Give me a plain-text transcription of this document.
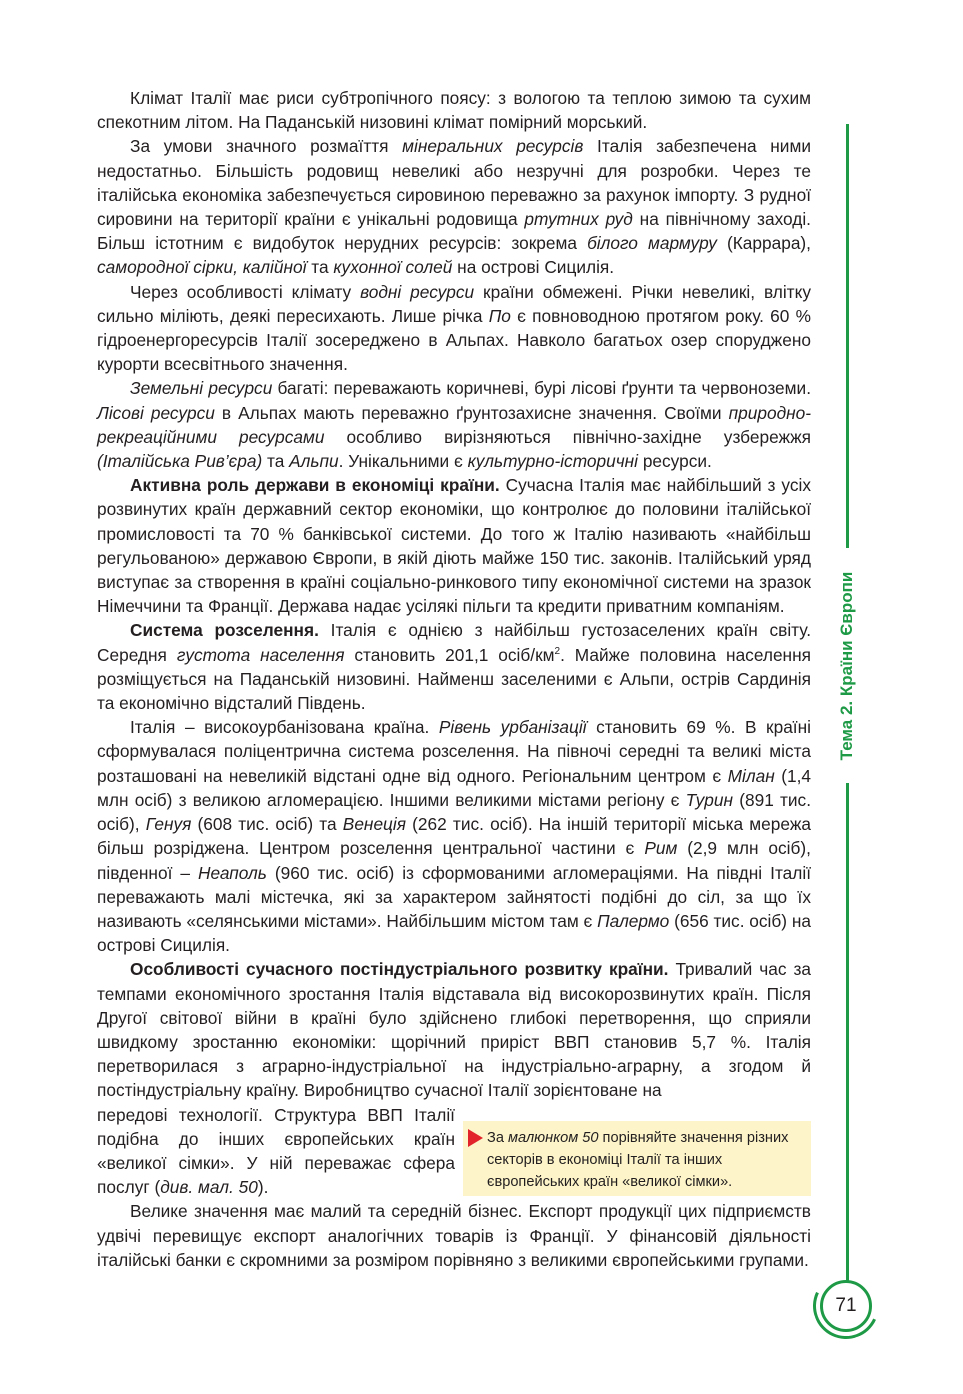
Клімат Італії має риси субтропічного поясу: з вологою та теплою зимою та сухим спекотним літом. На Паданській низовині клімат помірний морський.

За умови значного розмаїття мінеральних ресурсів Італія забезпечена ними недостатньо. Більшість родовищ невеликі або незручні для розробки. Через те італійська економіка забезпечується сировиною переважно за рахунок імпорту. З рудної сировини на території країни є унікальні родовища ртутних руд на північному заході. Більш істотним є видобуток нерудних ресурсів: зокрема білого мармуру (Каррара), самородної сірки, калійної та кухонної солей на острові Сицилія.

Через особливості клімату водні ресурси країни обмежені. Річки невеликі, влітку сильно міліють, деякі пересихають. Лише річка По є повноводною протягом року. 60 % гідроенергоресурсів Італії зосереджено в Альпах. Навколо багатьох озер споруджено курорти всесвітнього значення.

Земельні ресурси багаті: переважають коричневі, бурі лісові ґрунти та червоноземи. Лісові ресурси в Альпах мають переважно ґрунтозахисне значення. Своїми природно-рекреаційними ресурсами особливо вирізняються північно-західне узбережжя (Італійська Рив’єра) та Альпи. Унікальними є культурно-історичні ресурси.

Активна роль держави в економіці країни. Сучасна Італія має найбільший з усіх розвинутих країн державний сектор економіки, що контролює до половини італійської промисловості та 70 % банківської системи. До того ж Італію називають «найбільш регульованою» державою Європи, в якій діють майже 150 тис. законів. Італійський уряд виступає за створення в країні соціально-ринкового типу економічної системи на зразок Німеччини та Франції. Держава надає усілякі пільги та кредити приватним компаніям.

Система розселення. Італія є однією з найбільш густозаселених країн світу. Середня густота населення становить 201,1 осіб/$км^2$. Майже половина населення розміщується на Паданській низовині. Найменш заселеними є Альпи, острів Сардинія та економічно відсталий Південь.

Італія – високоурбанізована країна. Рівень урбанізації становить 69 %. В країні сформувалася поліцентрична система розселення. На півночі середні та великі міста розташовані на невеликій відстані одне від одного. Регіональним центром є Мілан (1,4 млн осіб) з великою агломерацією. Іншими великими містами регіону є Турин (891 тис. осіб), Генуя (608 тис. осіб) та Венеція (262 тис. осіб). На іншій території міська мережа більш розріджена. Центром розселення центральної частини є Рим (2,9 млн осіб), південної – Неаполь (960 тис. осіб) із сформованими агломераціями. На півдні Італії переважають малі містечка, які за характером зайнятості подібні до сіл, за що їх називають «селянськими містами». Найбільшим містом там є Палермо (656 тис. осіб) на острові Сицилія.

Особливості сучасного постіндустріального розвитку країни. Тривалий час за темпами економічного зростання Італія відставала від високорозвинутих країн. Після Другої світової війни в країні було здійснено глибокі перетворення, що сприяли швидкому зростанню економіки: щорічний приріст ВВП становив 5,7 %. Італія перетворилася з аграрно-індустріальної на індустріально-аграрну, а згодом й постіндустріальну країну. Виробництво сучасної Італії зорієнтоване на

передові технології. Структура ВВП Італії подібна до інших європейських країн «великої сімки». У ній переважає сфера послуг (див. мал. 50).

Велике значення має малий та середній бізнес. Експорт продукції цих підприємств удвічі перевищує експорт аналогічних товарів із Франції. У фінансовій діяльності італійські банки є скромними за розміром порівняно з великими європейськими групами.

За малюнком 50 порівняйте значення різних секторів в економіці Італії та інших європейських країн «великої сімки».
Тема 2. Країни Європи
71
